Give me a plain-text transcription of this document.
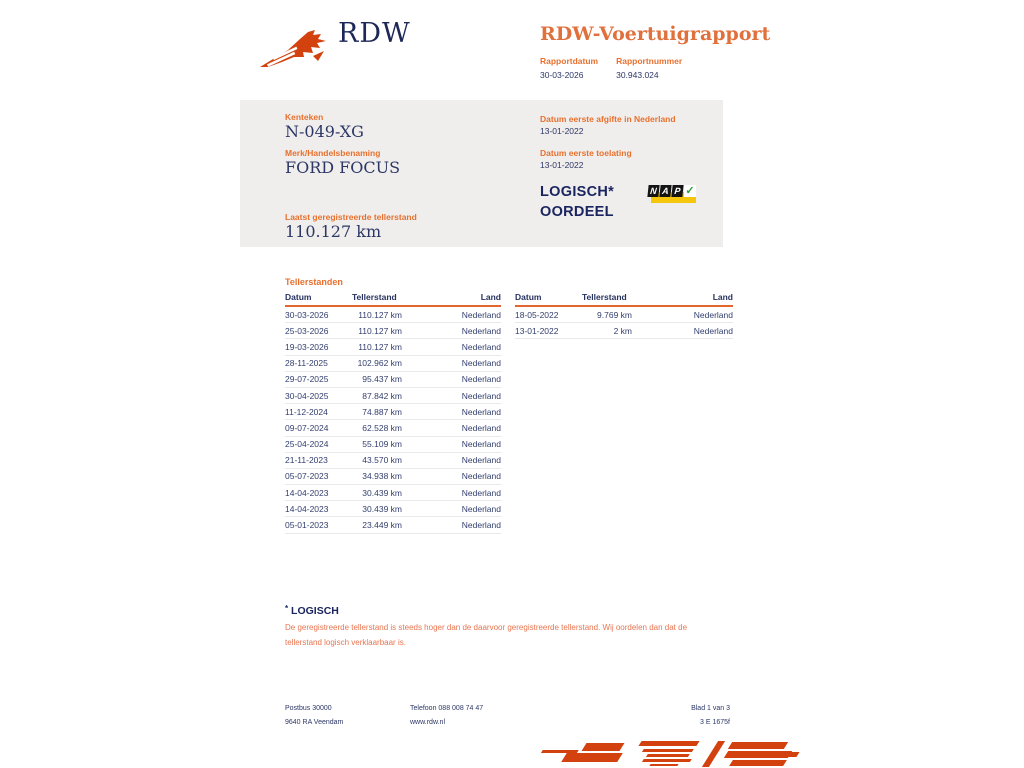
RDW	RDW-Voertuigrapport
Rapportdatum
30-03-2026
Rapportnummer
30.943.024
Kenteken
N-049-XG
Merk/Handelsbenaming
FORD FOCUS
Laatst geregistreerde tellerstand
110.127 km
Datum eerste afgifte in Nederland
13-01-2022
Datum eerste toelating
13-01-2022
LOGISCH*
OORDEEL
N A P ✓
Tellerstanden
Datum	Tellerstand	Land
30-03-2026	110.127 km	Nederland
25-03-2026	110.127 km	Nederland
19-03-2026	110.127 km	Nederland
28-11-2025	102.962 km	Nederland
29-07-2025	95.437 km	Nederland
30-04-2025	87.842 km	Nederland
11-12-2024	74.887 km	Nederland
09-07-2024	62.528 km	Nederland
25-04-2024	55.109 km	Nederland
21-11-2023	43.570 km	Nederland
05-07-2023	34.938 km	Nederland
14-04-2023	30.439 km	Nederland
14-04-2023	30.439 km	Nederland
05-01-2023	23.449 km	Nederland
Datum	Tellerstand	Land
18-05-2022	9.769 km	Nederland
13-01-2022	2 km	Nederland
* LOGISCH
De geregistreerde tellerstand is steeds hoger dan de daarvoor geregistreerde tellerstand. Wij oordelen dan dat de tellerstand logisch verklaarbaar is.
Postbus 30000
9640 RA Veendam
Telefoon 088 008 74 47
www.rdw.nl
Blad 1 van 3
3 E 1675f
